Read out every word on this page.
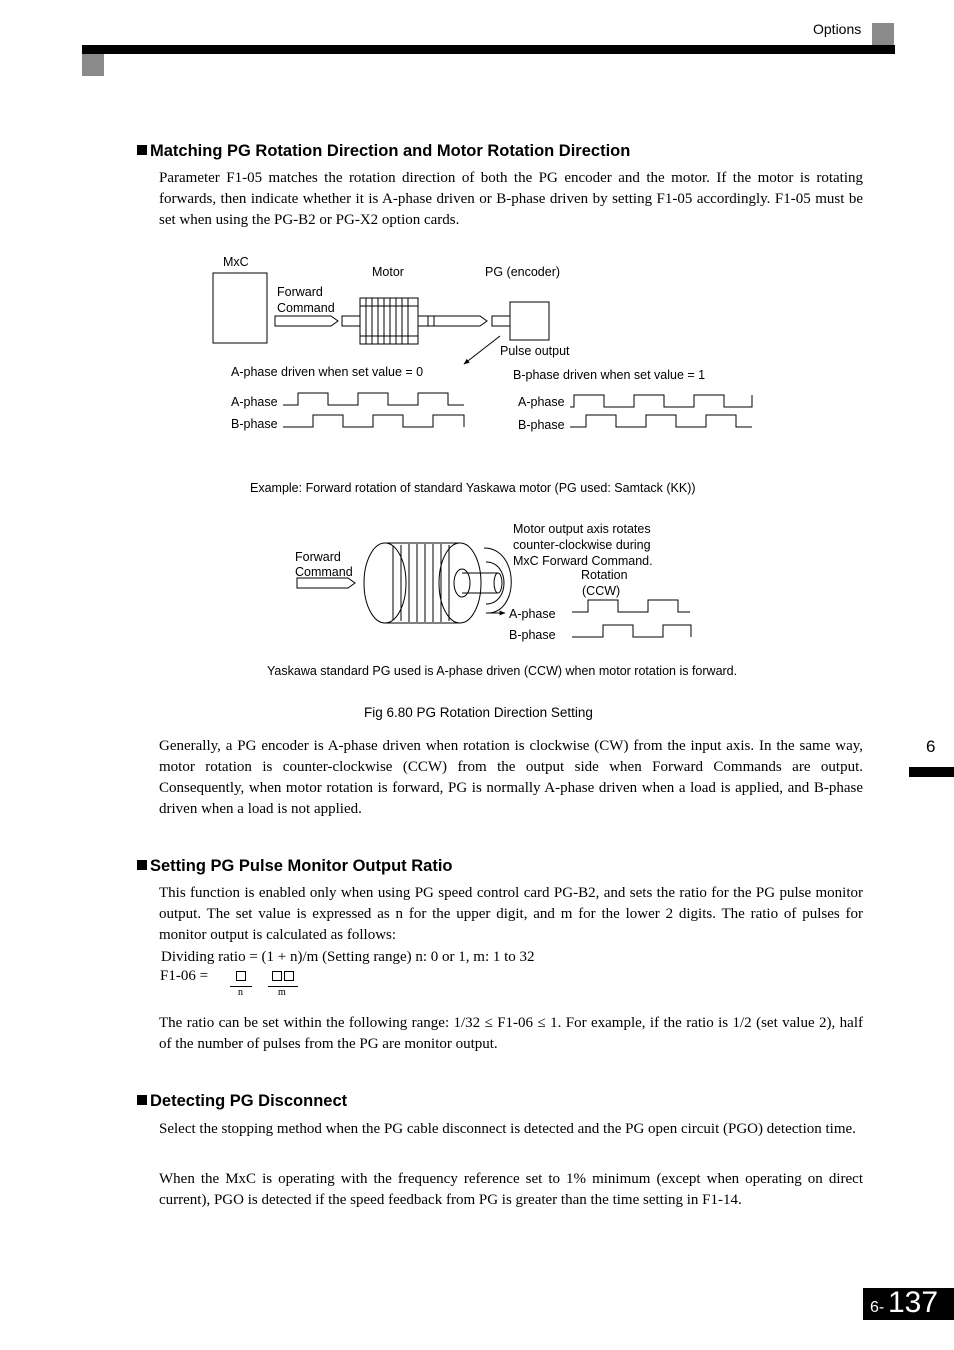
Options
6
Matching PG Rotation Direction and Motor Rotation Direction

Parameter F1-05 matches the rotation direction of both the PG encoder and the motor. If the motor is rotating forwards, then indicate whether it is A-phase driven or B-phase driven by setting F1-05 accordingly. F1-05 must be set when using the PG-B2 or PG-X2 option cards.

MxC
Forward
Command
Motor	PG (encoder)
Pulse output
A-phase driven when set value = 0
A-phase
B-phase
B-phase driven when set value = 1
A-phase
B-phase
Example: Forward rotation of standard Yaskawa motor (PG used: Samtack (KK))
Forward
Command
Motor output axis rotates
counter-clockwise during
MxC Forward Command.
Rotation
(CCW)
A-phase
B-phase
Yaskawa standard PG used is A-phase driven (CCW) when motor rotation is forward.
Fig 6.80 PG Rotation Direction Setting

Generally, a PG encoder is A-phase driven when rotation is clockwise (CW) from the input axis. In the same way, motor rotation is counter-clockwise (CCW) from the output side when Forward Commands are output. Consequently, when motor rotation is forward, PG is normally A-phase driven when a load is applied, and B-phase driven when a load is not applied.

Setting PG Pulse Monitor Output Ratio

This function is enabled only when using PG speed control card PG-B2, and sets the ratio for the PG pulse monitor output. The set value is expressed as n for the upper digit, and m for the lower 2 digits. The ratio of pulses for monitor output is calculated as follows:

Dividing ratio = (1 + n)/m (Setting range) n: 0 or 1, m: 1 to 32
F1-06 =
n	m

The ratio can be set within the following range: 1/32 ≤ F1-06 ≤ 1. For example, if the ratio is 1/2 (set value 2), half of the number of pulses from the PG are monitor output.

Detecting PG Disconnect

Select the stopping method when the PG cable disconnect is detected and the PG open circuit (PGO) detection time.

When the MxC is operating with the frequency reference set to 1% minimum (except when operating on direct current), PGO is detected if the speed feedback from PG is greater than the time setting in F1-14.

6- 137
